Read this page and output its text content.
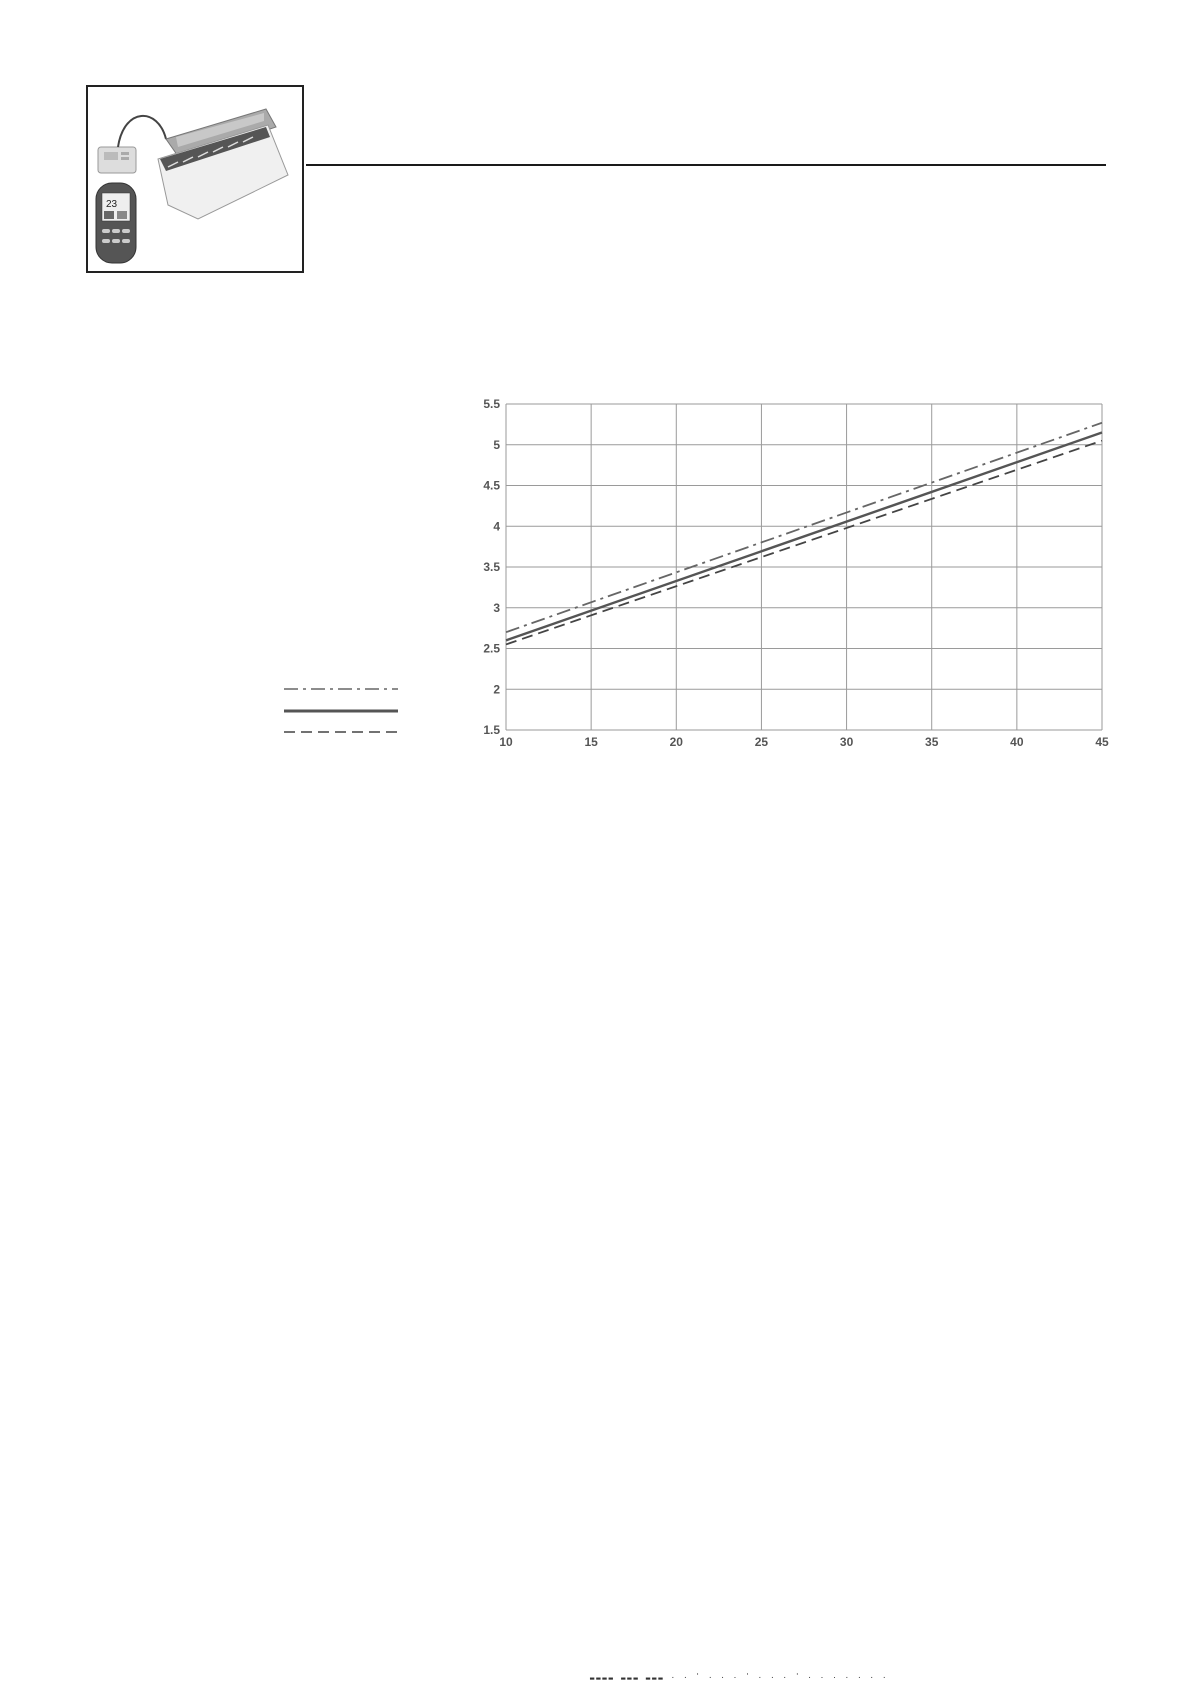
23
1.5
2
2.5
3
3.5
4
4.5
5
5.5
10	15	20	25	30	35	40	45
▂▂▂▂ ▂▂▂ ▂▂▂ . . ' . . . ' . . . ' . . . . . . .
